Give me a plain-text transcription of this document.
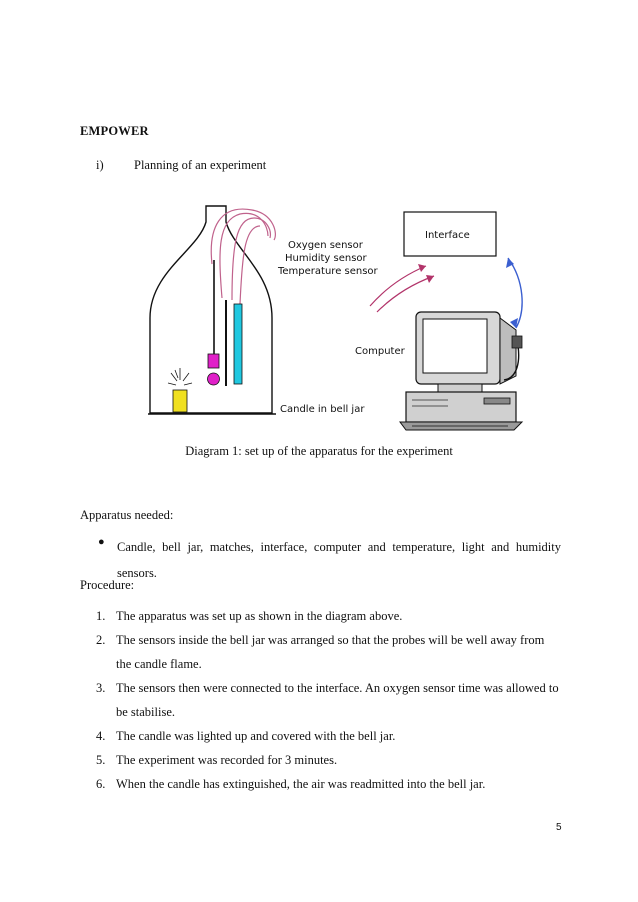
EMPOWER
i) Planning of an experiment
Oxygen sensor
Humidity sensor
Temperature sensor
Interface
Computer
Candle in bell jar
Diagram 1: set up of the apparatus for the experiment
Apparatus needed:
● Candle, bell jar, matches, interface, computer and temperature, light and humidity sensors.
Procedure:
1. The apparatus was set up as shown in the diagram above.
2. The sensors inside the bell jar was arranged so that the probes will be well away from the candle flame.
3. The sensors then were connected to the interface. An oxygen sensor time was allowed to be stabilise.
4. The candle was lighted up and covered with the bell jar.
5. The experiment was recorded for 3 minutes.
6. When the candle has extinguished, the air was readmitted into the bell jar.
5
